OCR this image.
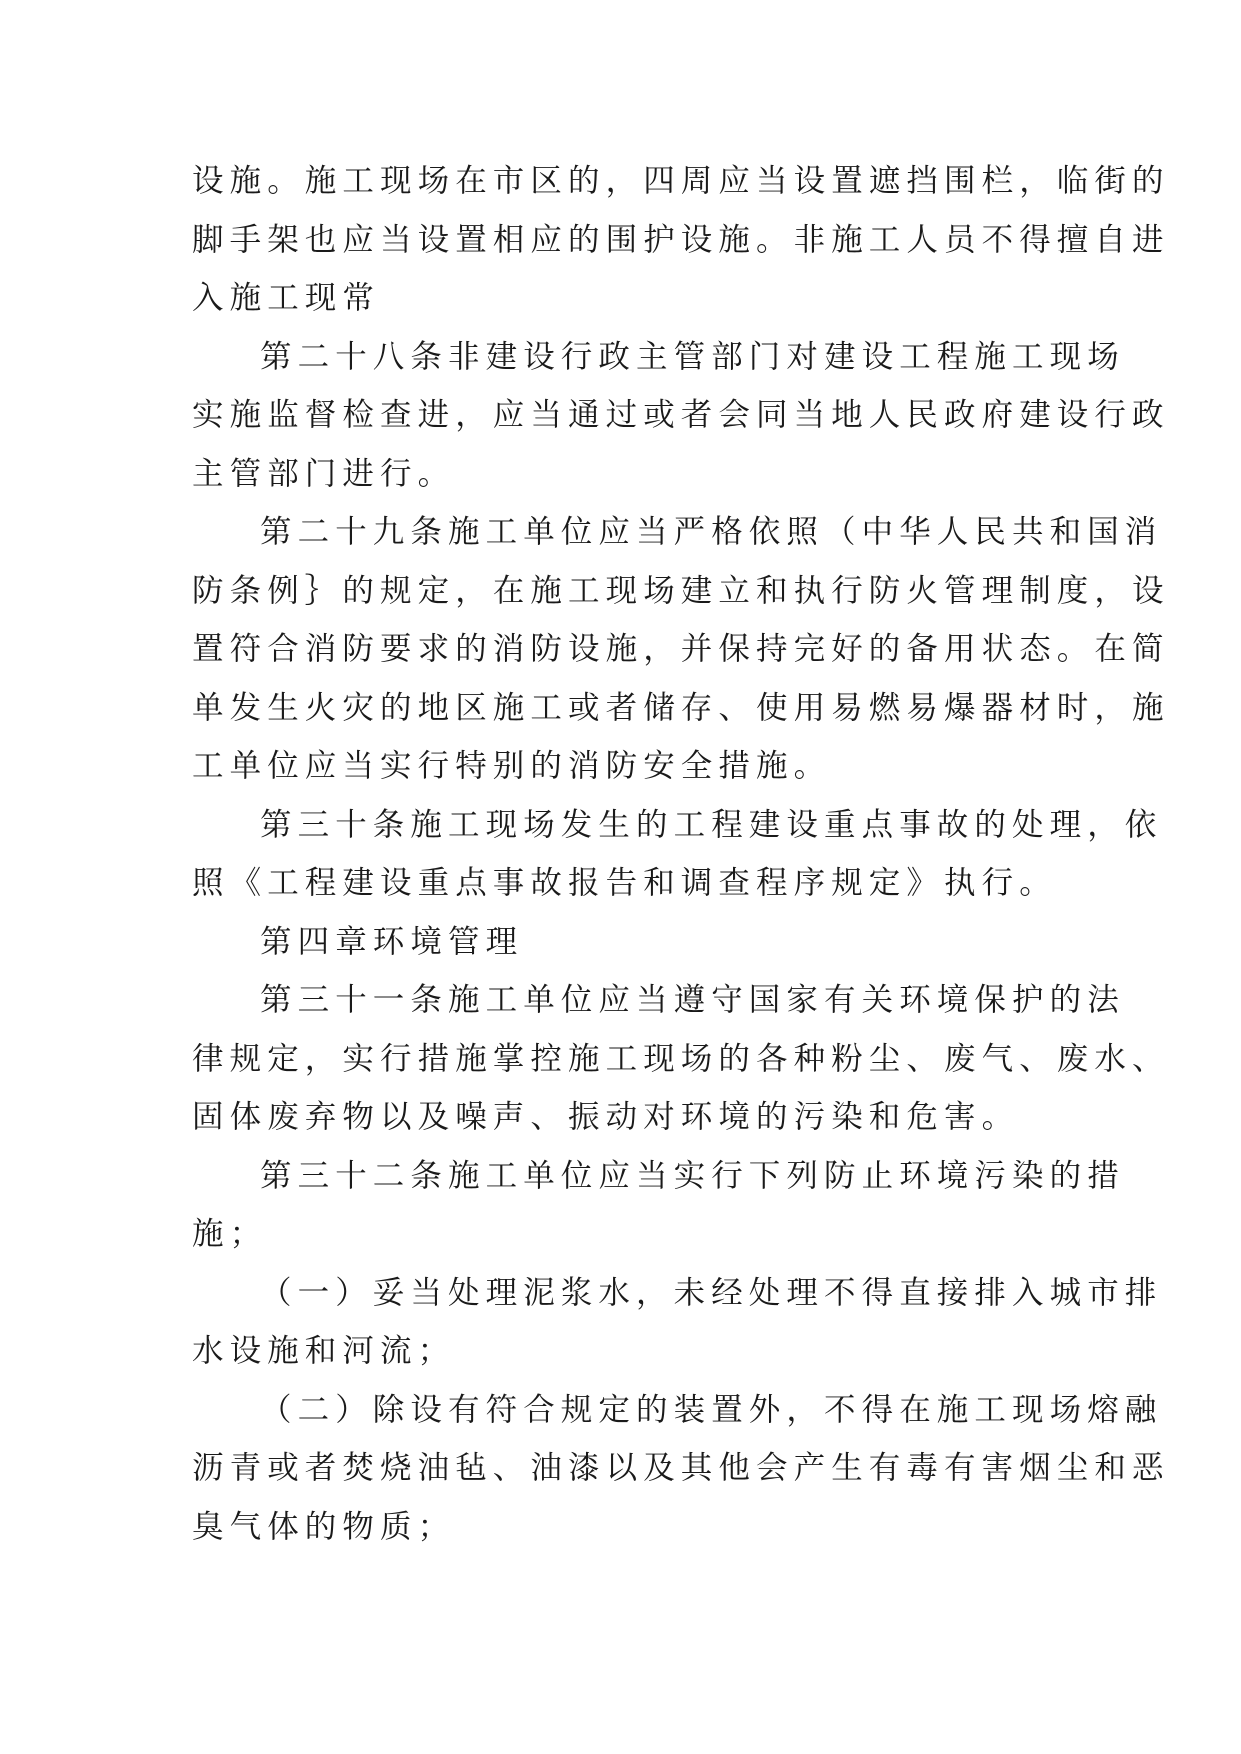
设施。施工现场在市区的，四周应当设置遮挡围栏，临街的
脚手架也应当设置相应的围护设施。非施工人员不得擅自进
入施工现常
第二十八条非建设行政主管部门对建设工程施工现场
实施监督检查进，应当通过或者会同当地人民政府建设行政
主管部门进行。
第二十九条施工单位应当严格依照（中华人民共和国消
防条例｝的规定，在施工现场建立和执行防火管理制度，设
置符合消防要求的消防设施，并保持完好的备用状态。在简
单发生火灾的地区施工或者储存、使用易燃易爆器材时，施
工单位应当实行特别的消防安全措施。
第三十条施工现场发生的工程建设重点事故的处理，依
照《工程建设重点事故报告和调查程序规定》执行。
第四章环境管理
第三十一条施工单位应当遵守国家有关环境保护的法
律规定，实行措施掌控施工现场的各种粉尘、废气、废水、
固体废弃物以及噪声、振动对环境的污染和危害。
第三十二条施工单位应当实行下列防止环境污染的措
施；
（一）妥当处理泥浆水，未经处理不得直接排入城市排
水设施和河流；
（二）除设有符合规定的装置外，不得在施工现场熔融
沥青或者焚烧油毡、油漆以及其他会产生有毒有害烟尘和恶
臭气体的物质；
